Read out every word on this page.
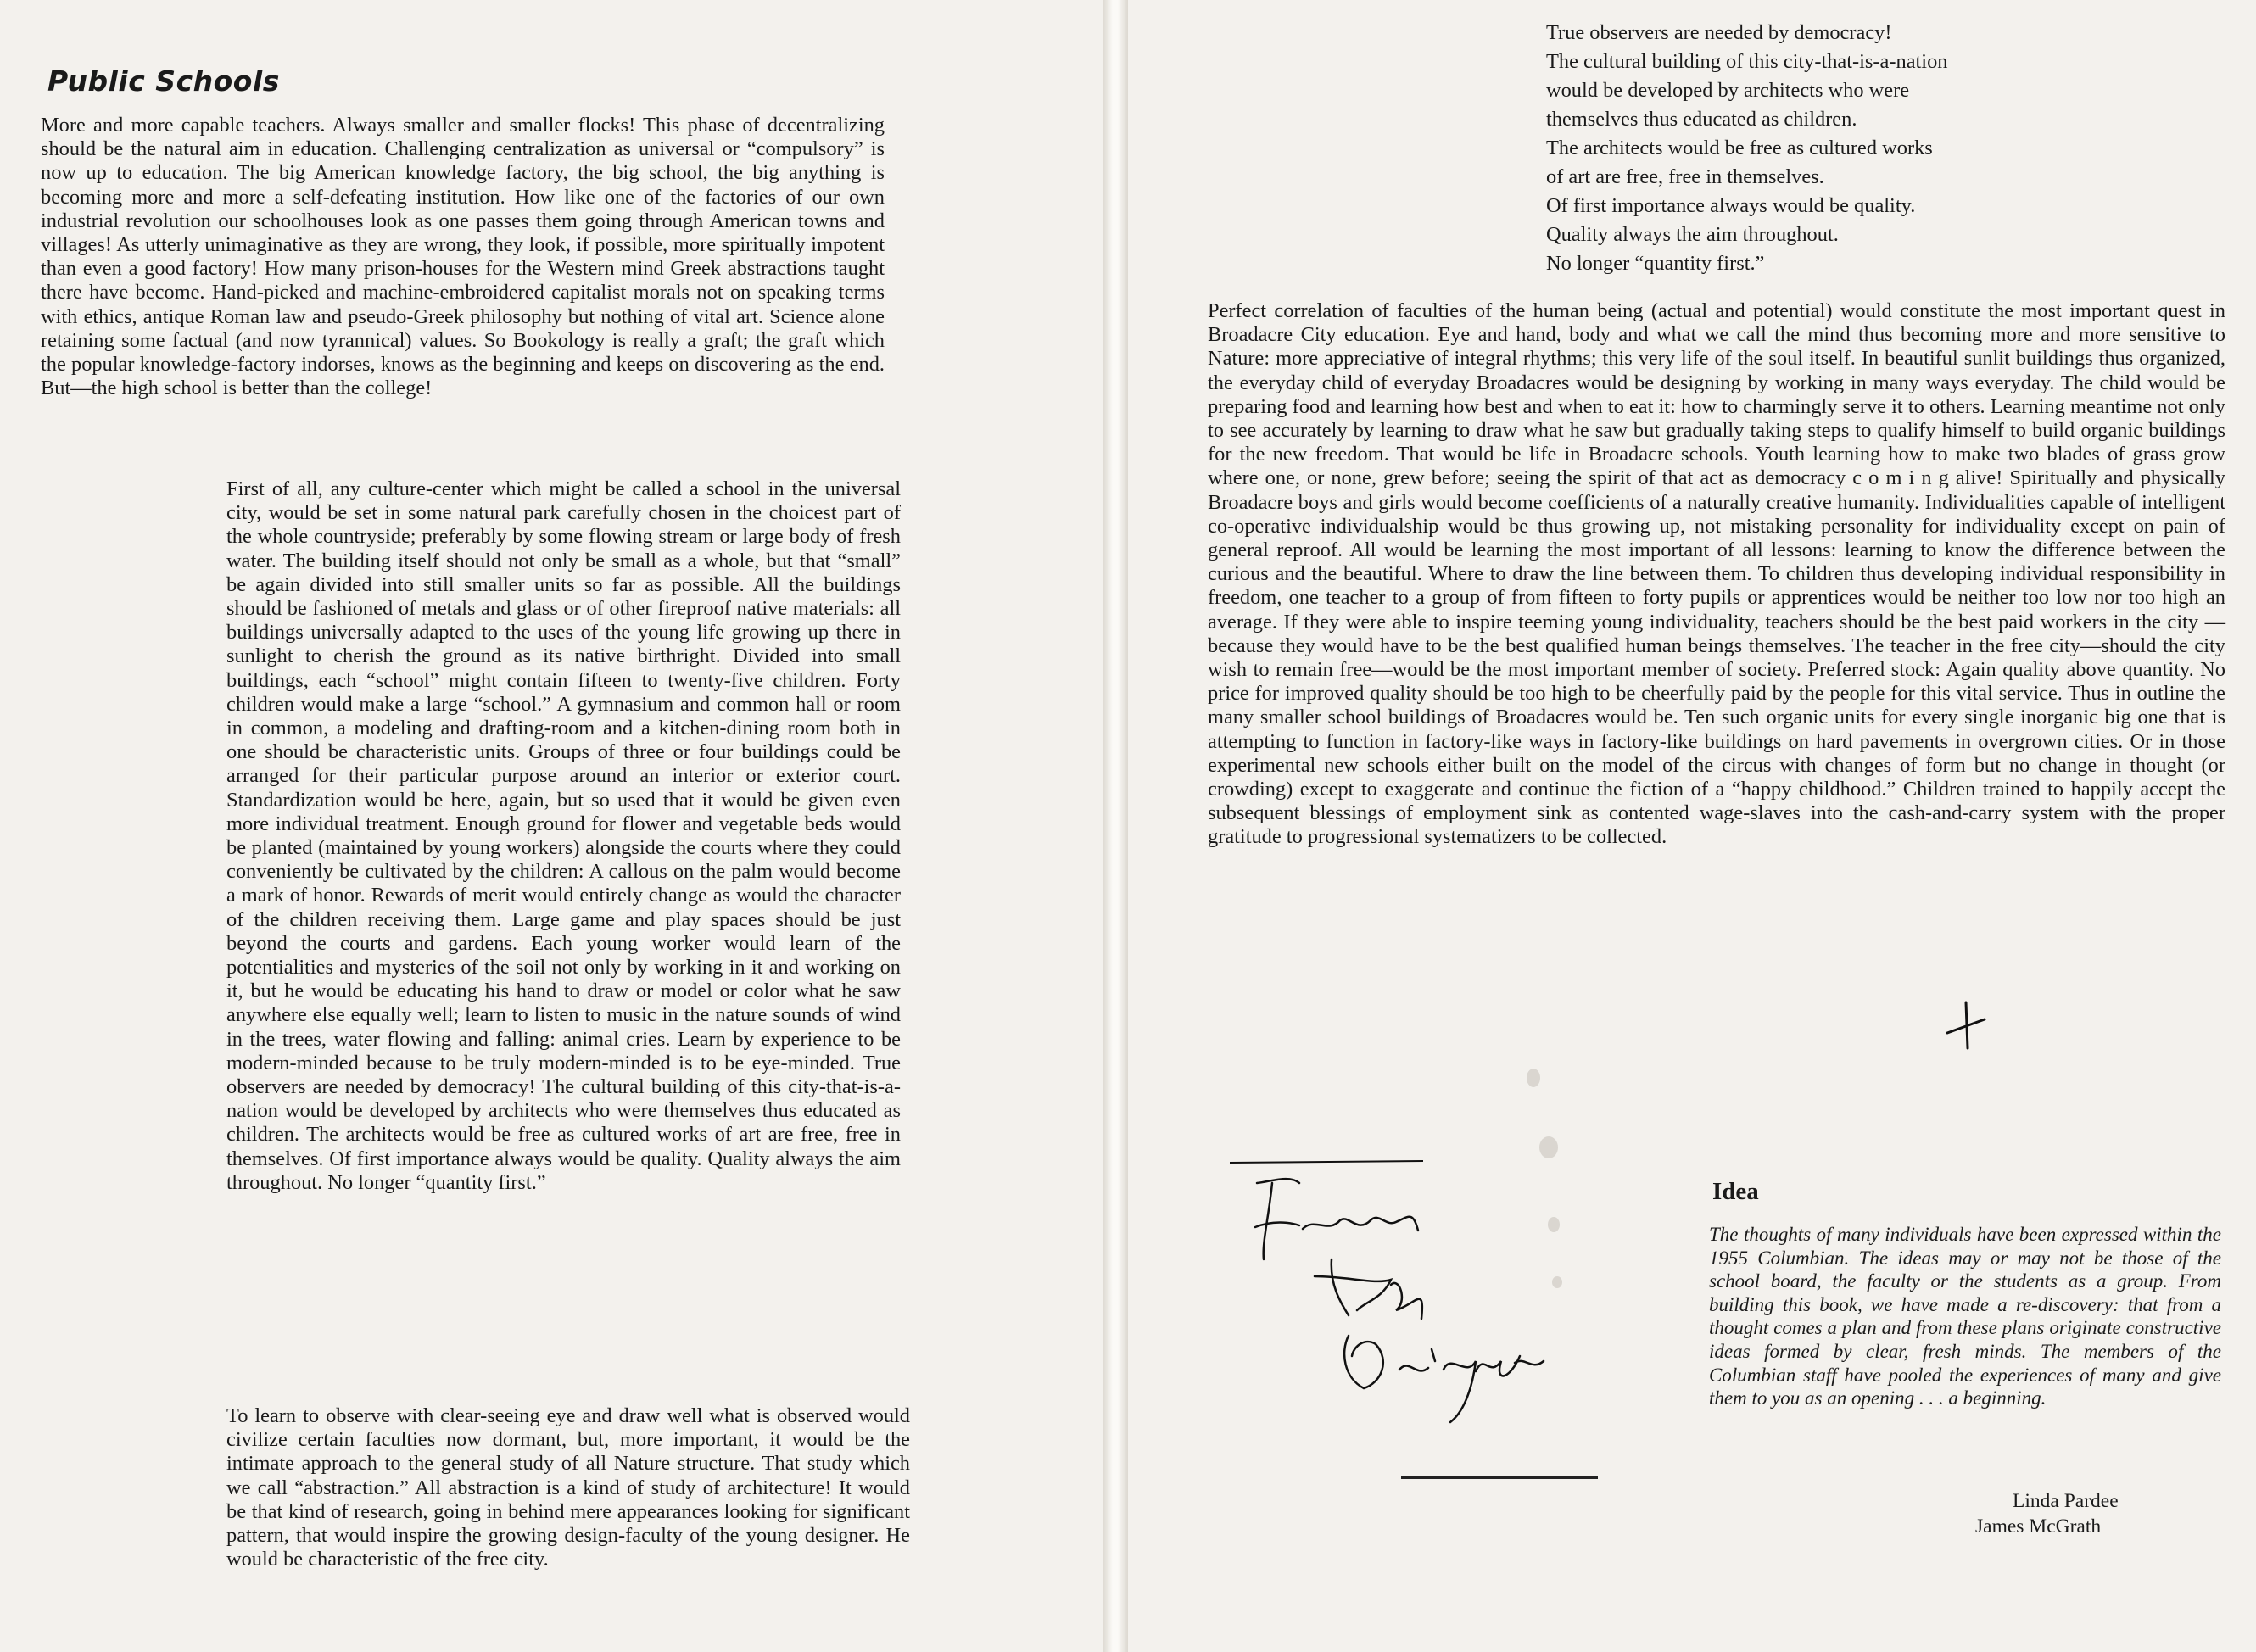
Public Schools

More and more capable teachers. Always smaller and smaller flocks! This phase of decentralizing should be the natural aim in education. Challenging centralization as universal or “compulsory” is now up to education. The big American knowledge factory, the big school, the big anything is becoming more and more a self-defeating institution. How like one of the factories of our own industrial revolution our schoolhouses look as one passes them going through American towns and villages! As utterly unimaginative as they are wrong, they look, if possible, more spiritually impotent than even a good factory! How many prison-houses for the Western mind Greek abstractions taught there have become. Hand-picked and machine-embroidered capitalist morals not on speaking terms with ethics, antique Roman law and pseudo-Greek philosophy but nothing of vital art. Science alone retaining some factual (and now tyrannical) values. So Bookology is really a graft; the graft which the popular knowledge-factory indorses, knows as the beginning and keeps on discovering as the end. But—the high school is better than the college!

First of all, any culture-center which might be called a school in the universal city, would be set in some natural park carefully chosen in the choicest part of the whole countryside; preferably by some flowing stream or large body of fresh water. The building itself should not only be small as a whole, but that “small” be again divided into still smaller units so far as possible. All the buildings should be fashioned of metals and glass or of other fireproof native materials: all buildings universally adapted to the uses of the young life growing up there in sunlight to cherish the ground as its native birthright. Divided into small buildings, each “school” might contain fifteen to twenty-five children. Forty children would make a large “school.” A gymnasium and common hall or room in common, a modeling and drafting-room and a kitchen-dining room both in one should be characteristic units. Groups of three or four buildings could be arranged for their particular purpose around an interior or exterior court. Standardization would be here, again, but so used that it would be given even more individual treatment. Enough ground for flower and vegetable beds would be planted (maintained by young workers) alongside the courts where they could conveniently be cultivated by the children: A callous on the palm would become a mark of honor. Rewards of merit would entirely change as would the character of the children receiving them. Large game and play spaces should be just beyond the courts and gardens. Each young worker would learn of the potentialities and mysteries of the soil not only by working in it and working on it, but he would be educating his hand to draw or model or color what he saw anywhere else equally well; learn to listen to music in the nature sounds of wind in the trees, water flowing and falling: animal cries. Learn by experience to be modern-minded because to be truly modern-minded is to be eye-minded. True observers are needed by democracy! The cultural building of this city-that-is-a-nation would be developed by architects who were themselves thus educated as children. The architects would be free as cultured works of art are free, free in themselves. Of first importance always would be quality. Quality always the aim throughout. No longer “quantity first.”

To learn to observe with clear-seeing eye and draw well what is observed would civilize certain faculties now dormant, but, more important, it would be the intimate approach to the general study of all Nature structure. That study which we call “abstraction.” All abstraction is a kind of study of architecture! It would be that kind of research, going in behind mere appearances looking for significant pattern, that would inspire the growing design-faculty of the young designer. He would be characteristic of the free city.

True observers are needed by democracy!
The cultural building of this city-that-is-a-nation
would be developed by architects who were
themselves thus educated as children.
The architects would be free as cultured works
of art are free, free in themselves.
Of first importance always would be quality.
Quality always the aim throughout.
No longer “quantity first.”

Perfect correlation of faculties of the human being (actual and potential) would constitute the most important quest in Broadacre City education. Eye and hand, body and what we call the mind thus becoming more and more sensitive to Nature: more appreciative of integral rhythms; this very life of the soul itself. In beautiful sunlit buildings thus organized, the everyday child of everyday Broadacres would be designing by working in many ways everyday. The child would be preparing food and learning how best and when to eat it: how to charmingly serve it to others. Learning meantime not only to see accurately by learning to draw what he saw but gradually taking steps to qualify himself to build organic buildings for the new freedom. That would be life in Broadacre schools. Youth learning how to make two blades of grass grow where one, or none, grew before; seeing the spirit of that act as democracy c o m i n g alive! Spiritually and physically Broadacre boys and girls would become coefficients of a naturally creative humanity. Individualities capable of intelligent co-operative individualship would be thus growing up, not mistaking personality for individuality except on pain of general reproof. All would be learning the most important of all lessons: learning to know the difference between the curious and the beautiful. Where to draw the line between them. To children thus developing individual responsibility in freedom, one teacher to a group of from fifteen to forty pupils or apprentices would be neither too low nor too high an average. If they were able to inspire teeming young individuality, teachers should be the best paid workers in the city — because they would have to be the best qualified human beings themselves. The teacher in the free city—should the city wish to remain free—would be the most important member of society. Preferred stock: Again quality above quantity. No price for improved quality should be too high to be cheerfully paid by the people for this vital service. Thus in outline the many smaller school buildings of Broadacres would be. Ten such organic units for every single inorganic big one that is attempting to function in factory-like ways in factory-like buildings on hard pavements in overgrown cities. Or in those experimental new schools either built on the model of the circus with changes of form but no change in thought (or crowding) except to exaggerate and continue the fiction of a “happy childhood.” Children trained to happily accept the subsequent blessings of employment sink as contented wage-slaves into the cash-and-carry system with the proper gratitude to progressional systematizers to be collected.

Idea

The thoughts of many individuals have been expressed within the 1955 Columbian. The ideas may or may not be those of the school board, the faculty or the students as a group. From building this book, we have made a re-discovery: that from a thought comes a plan and from these plans originate constructive ideas formed by clear, fresh minds. The members of the Columbian staff have pooled the experiences of many and give them to you as an opening . . . a beginning.

Linda Pardee
James McGrath
